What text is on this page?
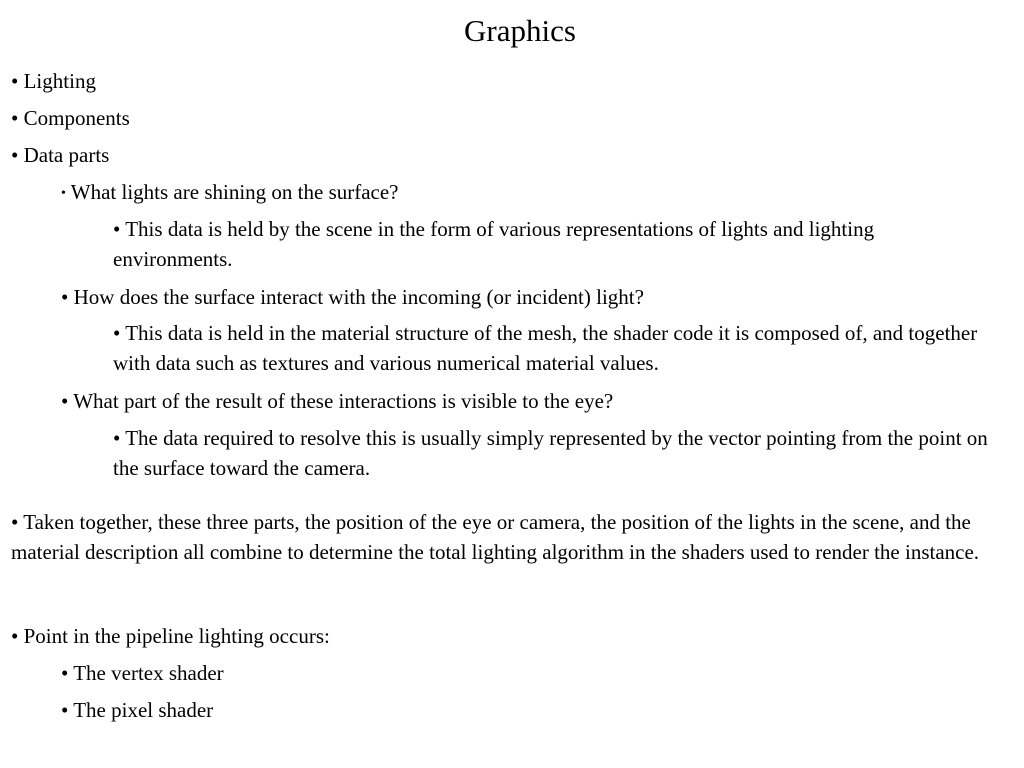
Graphics
• Lighting
• Components
• Data parts
• What lights are shining on the surface?
• This data is held by the scene in the form of various representations of lights and lighting environments.
• How does the surface interact with the incoming (or incident) light?
• This data is held in the material structure of the mesh, the shader code it is composed of, and together with data such as textures and various numerical material values.
• What part of the result of these interactions is visible to the eye?
• The data required to resolve this is usually simply represented by the vector pointing from the point on the surface toward the camera.
• Taken together, these three parts, the position of the eye or camera, the position of the lights in the scene, and the material description all combine to determine the total lighting algorithm in the shaders used to render the instance.
• Point in the pipeline lighting occurs:
• The vertex shader
• The pixel shader
